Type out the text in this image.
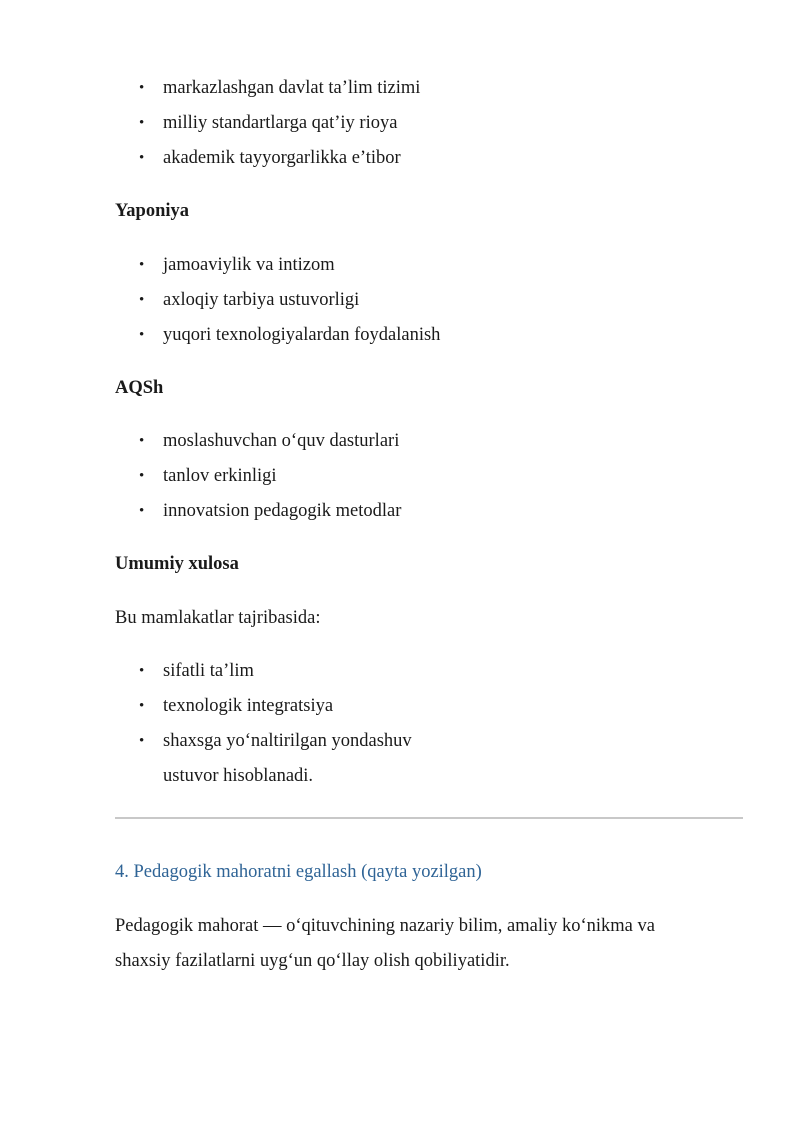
• markazlashgan davlat ta’lim tizimi
• milliy standartlarga qat’iy rioya
• akademik tayyorgarlikka e’tibor

Yaponiya

• jamoaviylik va intizom
• axloqiy tarbiya ustuvorligi
• yuqori texnologiyalardan foydalanish

AQSh

• moslashuvchan o‘quv dasturlari
• tanlov erkinligi
• innovatsion pedagogik metodlar

Umumiy xulosa

Bu mamlakatlar tajribasida:

• sifatli ta’lim
• texnologik integratsiya
• shaxsga yo‘naltirilgan yondashuv
ustuvor hisoblanadi.

4. Pedagogik mahoratni egallash (qayta yozilgan)

Pedagogik mahorat — o‘qituvchining nazariy bilim, amaliy ko‘nikma va

shaxsiy fazilatlarni uyg‘un qo‘llay olish qobiliyatidir.
